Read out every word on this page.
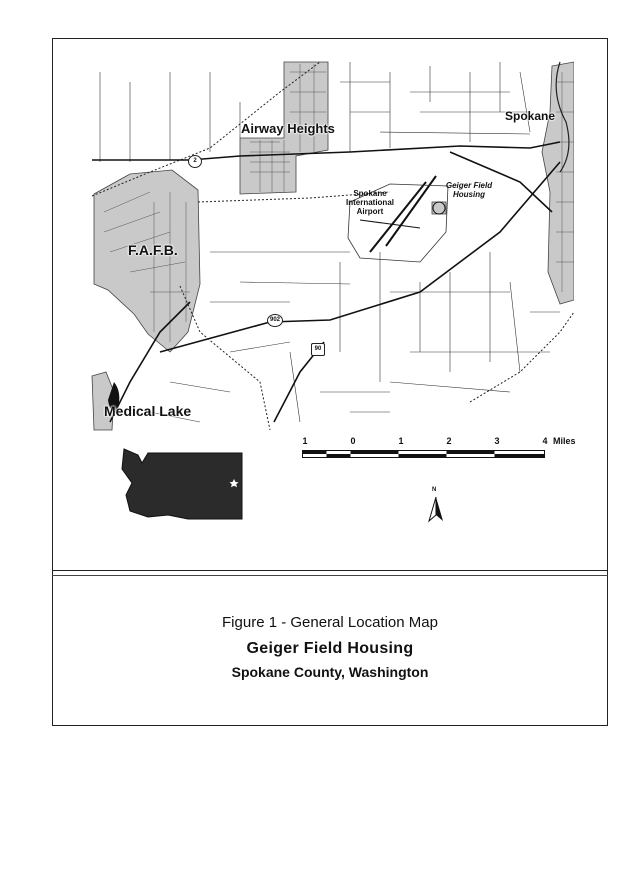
Airway Heights
Spokane
F.A.F.B.
Medical Lake
Spokane
International
Airport
Geiger Field
Housing
2
902
90
1	0	1	2	3	4 Miles
N
Figure 1 - General Location Map
Geiger Field Housing
Spokane County, Washington
